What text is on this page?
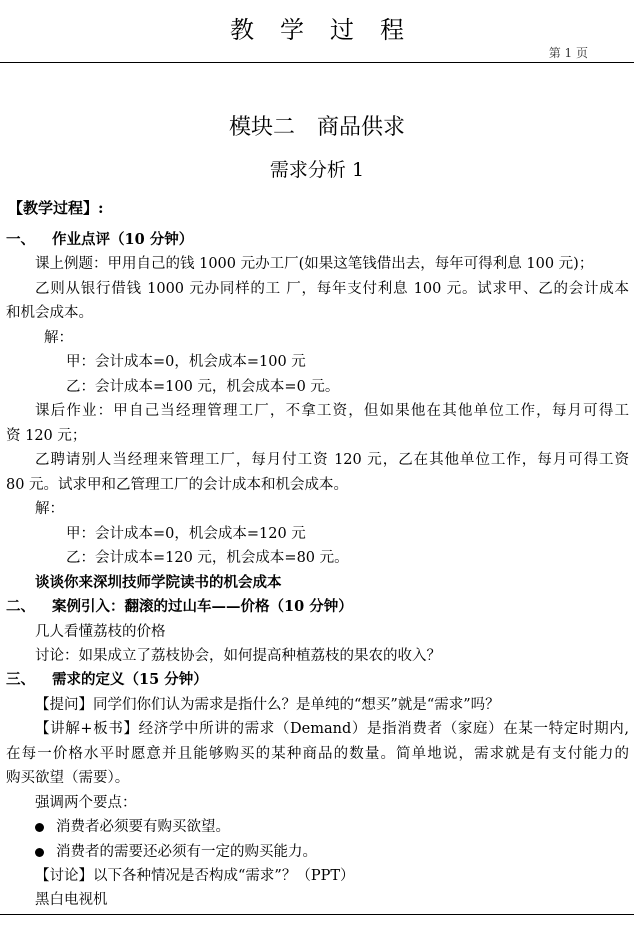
教学过程
第 1 页
模块二　商品供求
需求分析 1
【教学过程】:
一、 作业点评（10 分钟）
课上例题：甲用自己的钱 1000 元办工厂(如果这笔钱借出去，每年可得利息 100 元)；
乙则从银行借钱 1000 元办同样的工 厂，每年支付利息 100 元。试求甲、乙的会计成本
和机会成本。
解：
甲：会计成本=0，机会成本=100 元
乙：会计成本=100 元，机会成本=0 元。
课后作业：甲自己当经理管理工厂，不拿工资，但如果他在其他单位工作，每月可得工
资 120 元；
乙聘请别人当经理来管理工厂，每月付工资 120 元，乙在其他单位工作，每月可得工资
80 元。试求甲和乙管理工厂的会计成本和机会成本。
解：
甲：会计成本=0，机会成本=120 元
乙：会计成本=120 元，机会成本=80 元。
谈谈你来深圳技师学院读书的机会成本
二、 案例引入：翻滚的过山车——价格（10 分钟）
几人看懂荔枝的价格
讨论：如果成立了荔枝协会，如何提高种植荔枝的果农的收入？
三、 需求的定义（15 分钟）
【提问】同学们你们认为需求是指什么？是单纯的“想买”就是“需求”吗？
【讲解+板书】经济学中所讲的需求（Demand）是指消费者（家庭）在某一特定时期内,
在每一价格水平时愿意并且能够购买的某种商品的数量。简单地说，需求就是有支付能力的
购买欲望（需要）。
强调两个要点：
消费者必须要有购买欲望。
消费者的需要还必须有一定的购买能力。
【讨论】以下各种情况是否构成“需求”？（PPT）
黑白电视机
